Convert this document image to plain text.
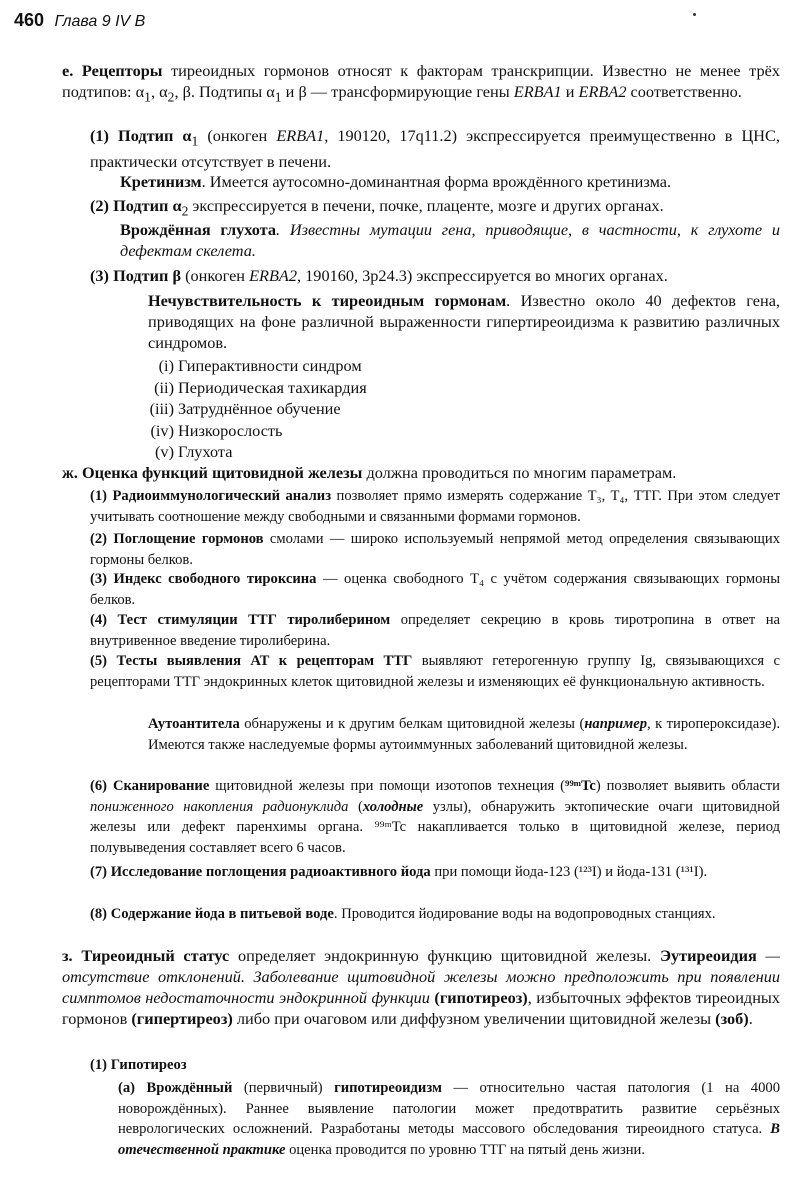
460 Глава 9 IV B
е. Рецепторы тиреоидных гормонов относят к факторам транскрипции. Известно не менее трёх подтипов: $\alpha_1$, $\alpha_2$, β. Подтипы $\alpha_1$ и β — трансформирующие гены ERBA1 и ERBA2 соответственно.
(1) Подтип $\alpha_1$ (онкоген ERBA1, 190120, 17q11.2) экспрессируется преимущественно в ЦНС, практически отсутствует в печени.
Кретинизм. Имеется аутосомно-доминантная форма врождённого кретинизма.
(2) Подтип $\alpha_2$ экспрессируется в печени, почке, плаценте, мозге и других органах.
Врождённая глухота. Известны мутации гена, приводящие, в частности, к глухоте и дефектам скелета.
(3) Подтип β (онкоген ERBA2, 190160, 3p24.3) экспрессируется во многих органах.
Нечувствительность к тиреоидным гормонам. Известно около 40 дефектов гена, приводящих на фоне различной выраженности гипертиреоидизма к развитию различных синдромов.
(i) Гиперактивности синдром
(ii) Периодическая тахикардия
(iii) Затруднённое обучение
(iv) Низкорослость
(v) Глухота
ж. Оценка функций щитовидной железы должна проводиться по многим параметрам.
(1) Радиоиммунологический анализ позволяет прямо измерять содержание T₃, T₄, ТТГ. При этом следует учитывать соотношение между свободными и связанными формами гормонов.
(2) Поглощение гормонов смолами — широко используемый непрямой метод определения связывающих гормоны белков.
(3) Индекс свободного тироксина — оценка свободного T₄ с учётом содержания связывающих гормоны белков.
(4) Тест стимуляции ТТГ тиролиберином определяет секрецию в кровь тиротропина в ответ на внутривенное введение тиролиберина.
(5) Тесты выявления АТ к рецепторам ТТГ выявляют гетерогенную группу Ig, связывающихся с рецепторами ТТГ эндокринных клеток щитовидной железы и изменяющих её функциональную активность.
Аутоантитела обнаружены и к другим белкам щитовидной железы (например, к тиропероксидазе). Имеются также наследуемые формы аутоиммунных заболеваний щитовидной железы.
(6) Сканирование щитовидной железы при помощи изотопов технеция (⁹⁹ᵐTc) позволяет выявить области пониженного накопления радионуклида (холодные узлы), обнаружить эктопические очаги щитовидной железы или дефект паренхимы органа. ⁹⁹ᵐTc накапливается только в щитовидной железе, период полувыведения составляет всего 6 часов.
(7) Исследование поглощения радиоактивного йода при помощи йода-123 (¹²³I) и йода-131 (¹³¹I).
(8) Содержание йода в питьевой воде. Проводится йодирование воды на водопроводных станциях.
з. Тиреоидный статус определяет эндокринную функцию щитовидной железы. Эутиреоидия — отсутствие отклонений. Заболевание щитовидной железы можно предположить при появлении симптомов недостаточности эндокринной функции (гипотиреоз), избыточных эффектов тиреоидных гормонов (гипертиреоз) либо при очаговом или диффузном увеличении щитовидной железы (зоб).
(1) Гипотиреоз
(a) Врождённый (первичный) гипотиреоидизм — относительно частая патология (1 на 4000 новорождённых). Раннее выявление патологии может предотвратить развитие серьёзных неврологических осложнений. Разработаны методы массового обследования тиреоидного статуса. В отечественной практике оценка проводится по уровню ТТГ на пятый день жизни.
